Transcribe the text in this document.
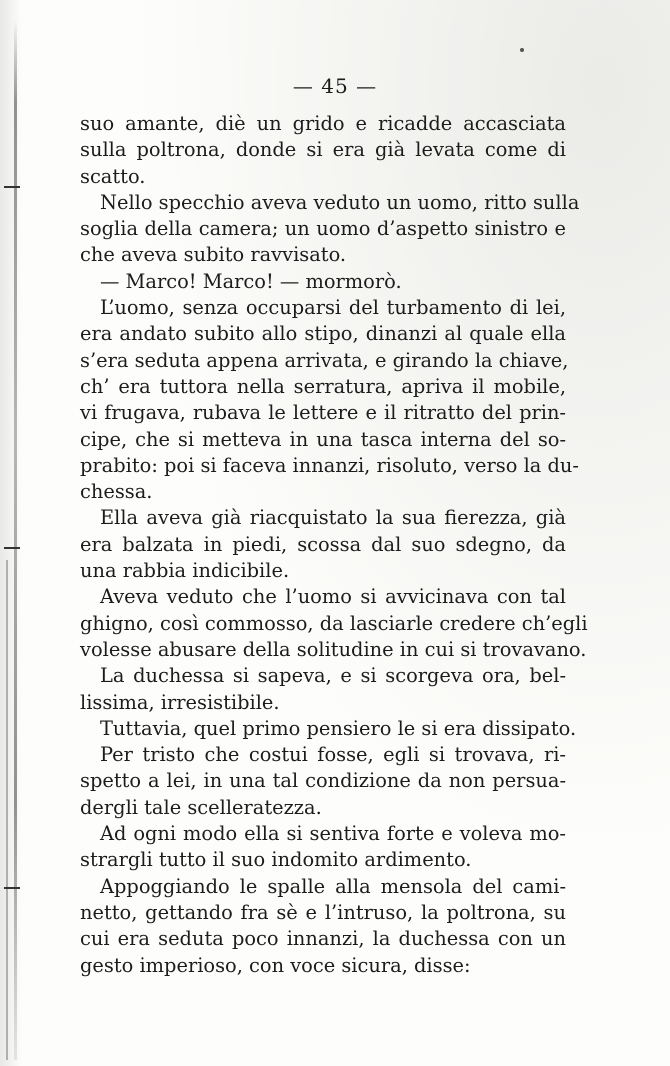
— 45 —
suo amante, diè un grido e ricadde accasciata
sulla poltrona, donde si era già levata come di
scatto.
Nello specchio aveva veduto un uomo, ritto sulla
soglia della camera; un uomo d’aspetto sinistro e
che aveva subito ravvisato.
— Marco! Marco! — mormorò.
L’uomo, senza occuparsi del turbamento di lei,
era andato subito allo stipo, dinanzi al quale ella
s’era seduta appena arrivata, e girando la chiave,
ch’ era tuttora nella serratura, apriva il mobile,
vi frugava, rubava le lettere e il ritratto del prin-
cipe, che si metteva in una tasca interna del so-
prabito: poi si faceva innanzi, risoluto, verso la du-
chessa.
Ella aveva già riacquistato la sua fierezza, già
era balzata in piedi, scossa dal suo sdegno, da
una rabbia indicibile.
Aveva veduto che l’uomo si avvicinava con tal
ghigno, così commosso, da lasciarle credere ch’egli
volesse abusare della solitudine in cui si trovavano.
La duchessa si sapeva, e si scorgeva ora, bel-
lissima, irresistibile.
Tuttavia, quel primo pensiero le si era dissipato.
Per tristo che costui fosse, egli si trovava, ri-
spetto a lei, in una tal condizione da non persua-
dergli tale scelleratezza.
Ad ogni modo ella si sentiva forte e voleva mo-
strargli tutto il suo indomito ardimento.
Appoggiando le spalle alla mensola del cami-
netto, gettando fra sè e l’intruso, la poltrona, su
cui era seduta poco innanzi, la duchessa con un
gesto imperioso, con voce sicura, disse:
